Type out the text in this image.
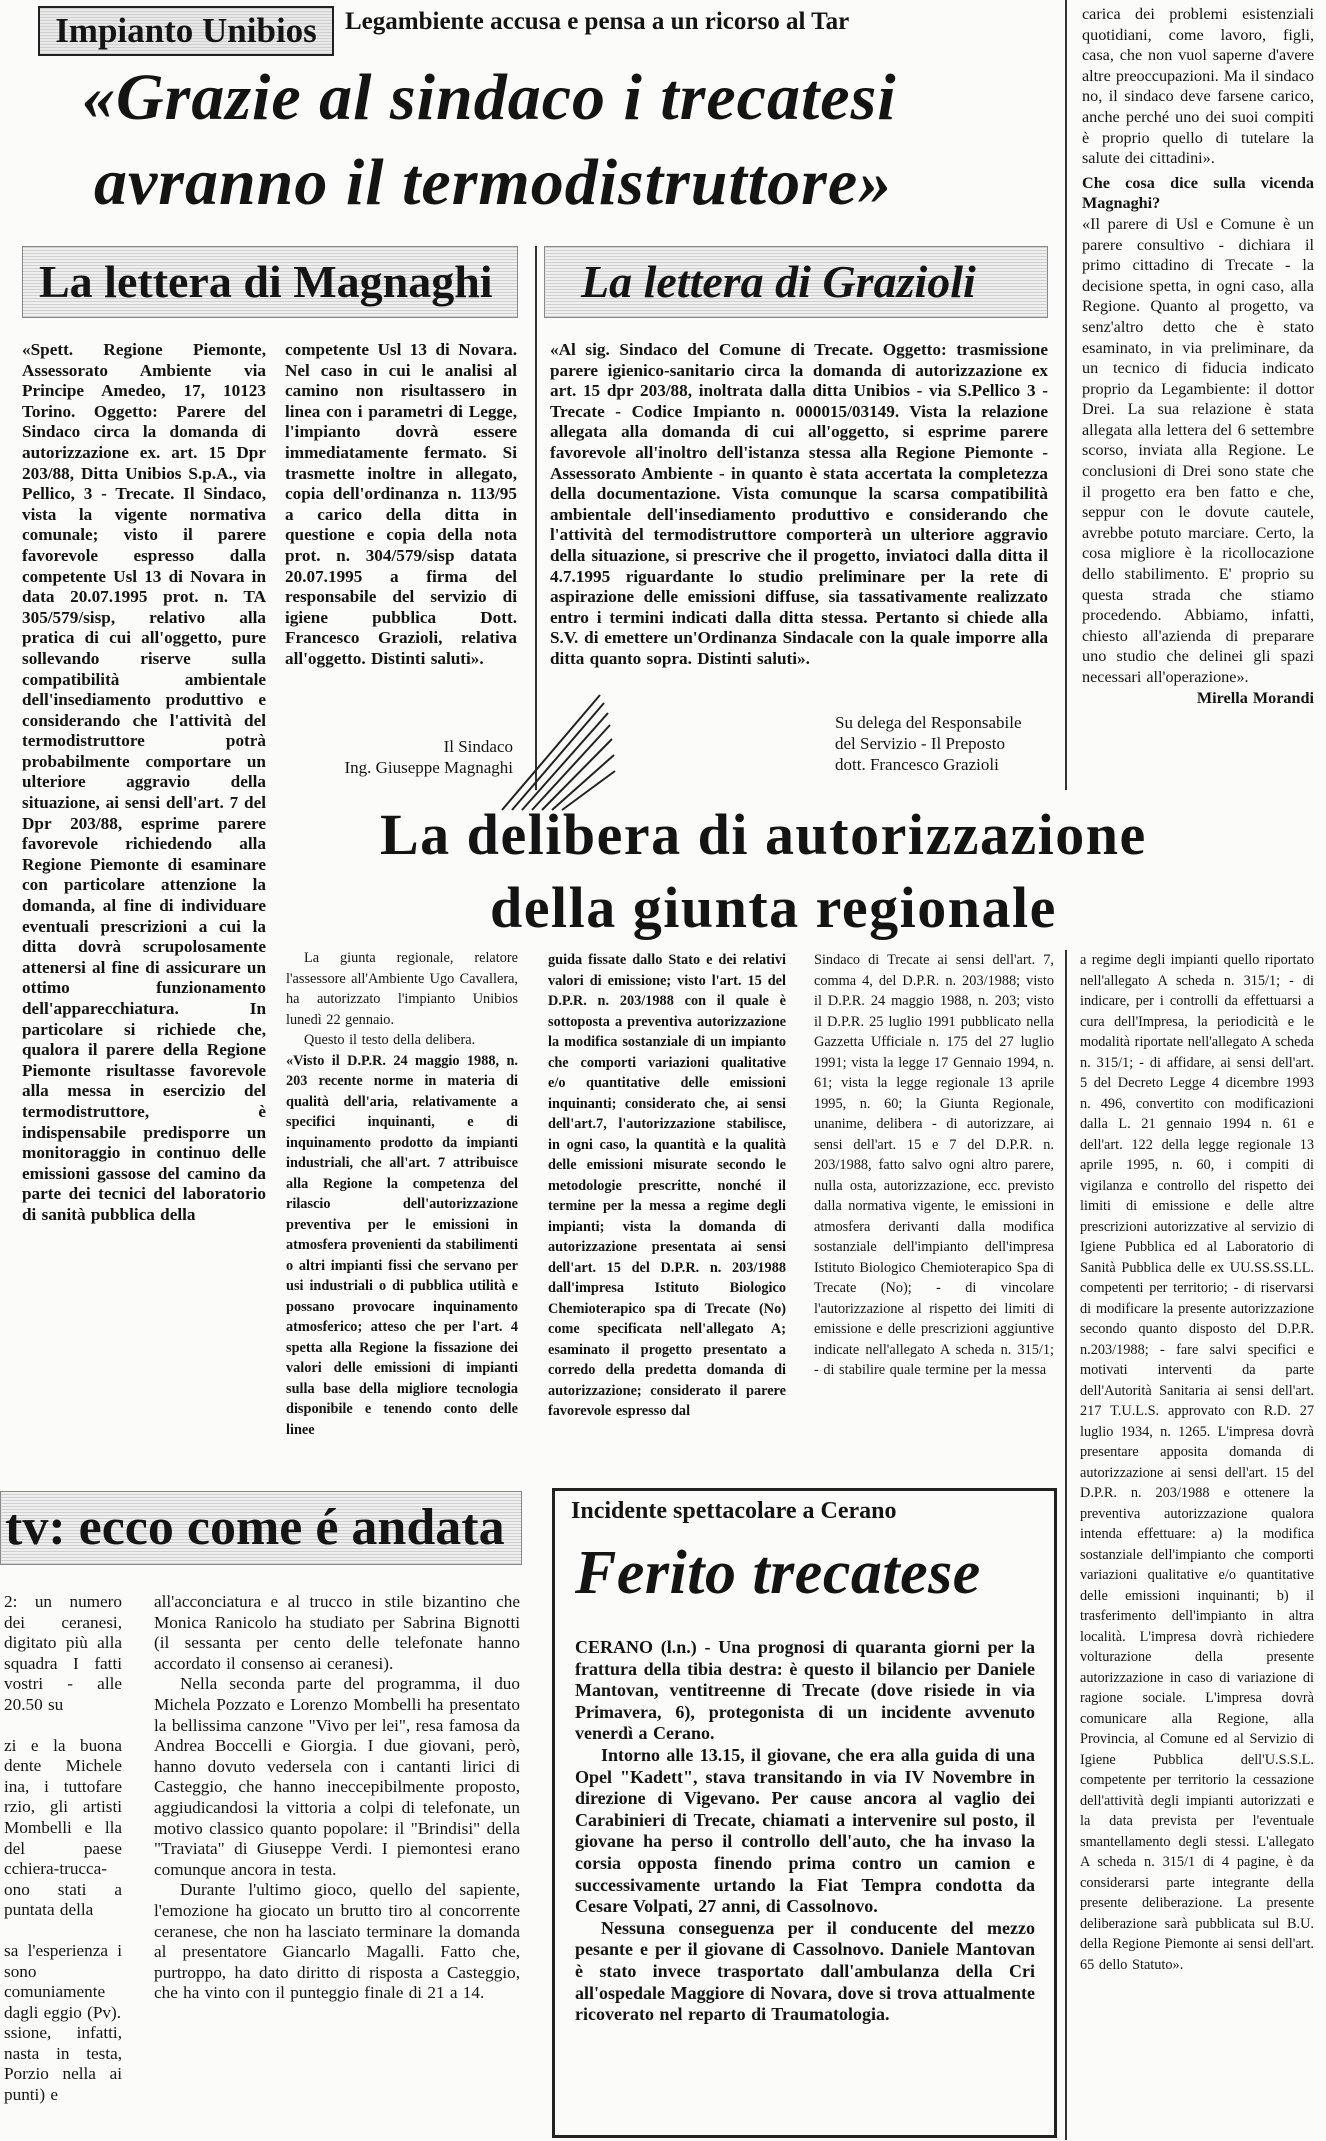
Impianto Unibios	Legambiente accusa e pensa a un ricorso al Tar
«Grazie al sindaco i trecatesi
avranno il termodistruttore»
carica dei problemi esistenziali quotidiani, come lavoro, figli, casa, che non vuol saperne d'avere altre preoccupazioni. Ma il sindaco no, il sindaco deve farsene carico, anche perché uno dei suoi compiti è proprio quello di tutelare la salute dei cittadini».
Che cosa dice sulla vicenda Magnaghi?
«Il parere di Usl e Comune è un parere consultivo - dichiara il primo cittadino di Trecate - la decisione spetta, in ogni caso, alla Regione. Quanto al progetto, va senz'altro detto che è stato esaminato, in via preliminare, da un tecnico di fiducia indicato proprio da Legambiente: il dottor Drei. La sua relazione è stata allegata alla lettera del 6 settembre scorso, inviata alla Regione. Le conclusioni di Drei sono state che il progetto era ben fatto e che, seppur con le dovute cautele, avrebbe potuto marciare. Certo, la cosa migliore è la ricollocazione dello stabilimento. E' proprio su questa strada che stiamo procedendo. Abbiamo, infatti, chiesto all'azienda di preparare uno studio che delinei gli spazi necessari all'operazione».
Mirella Morandi
La lettera di Magnaghi
«Spett. Regione Piemonte, Assessorato Ambiente via Principe Amedeo, 17, 10123 Torino. Oggetto: Parere del Sindaco circa la domanda di autorizzazione ex. art. 15 Dpr 203/88, Ditta Unibios S.p.A., via Pellico, 3 - Trecate. Il Sindaco, vista la vigente normativa comunale; visto il parere favorevole espresso dalla competente Usl 13 di Novara in data 20.07.1995 prot. n. TA 305/579/sisp, relativo alla pratica di cui all'oggetto, pure sollevando riserve sulla compatibilità ambientale dell'insediamento produttivo e considerando che l'attività del termodistruttore potrà probabilmente comportare un ulteriore aggravio della situazione, ai sensi dell'art. 7 del Dpr 203/88, esprime parere favorevole richiedendo alla Regione Piemonte di esaminare con particolare attenzione la domanda, al fine di individuare eventuali prescrizioni a cui la ditta dovrà scrupolosamente attenersi al fine di assicurare un ottimo funzionamento dell'apparecchiatura. In particolare si richiede che, qualora il parere della Regione Piemonte risultasse favorevole alla messa in esercizio del termodistruttore, è indispensabile predisporre un monitoraggio in continuo delle emissioni gassose del camino da parte dei tecnici del laboratorio di sanità pubblica della
competente Usl 13 di Novara. Nel caso in cui le analisi al camino non risultassero in linea con i parametri di Legge, l'impianto dovrà essere immediatamente fermato. Si trasmette inoltre in allegato, copia dell'ordinanza n. 113/95 a carico della ditta in questione e copia della nota prot. n. 304/579/sisp datata 20.07.1995 a firma del responsabile del servizio di igiene pubblica Dott. Francesco Grazioli, relativa all'oggetto. Distinti saluti».
Il Sindaco
Ing. Giuseppe Magnaghi
La lettera di Grazioli
«Al sig. Sindaco del Comune di Trecate. Oggetto: trasmissione parere igienico-sanitario circa la domanda di autorizzazione ex art. 15 dpr 203/88, inoltrata dalla ditta Unibios - via S.Pellico 3 - Trecate - Codice Impianto n. 000015/03149. Vista la relazione allegata alla domanda di cui all'oggetto, si esprime parere favorevole all'inoltro dell'istanza stessa alla Regione Piemonte - Assessorato Ambiente - in quanto è stata accertata la completezza della documentazione. Vista comunque la scarsa compatibilità ambientale dell'insediamento produttivo e considerando che l'attività del termodistruttore comporterà un ulteriore aggravio della situazione, si prescrive che il progetto, inviatoci dalla ditta il 4.7.1995 riguardante lo studio preliminare per la rete di aspirazione delle emissioni diffuse, sia tassativamente realizzato entro i termini indicati dalla ditta stessa. Pertanto si chiede alla S.V. di emettere un'Ordinanza Sindacale con la quale imporre alla ditta quanto sopra. Distinti saluti».
Su delega del Responsabile
del Servizio - Il Preposto
dott. Francesco Grazioli
La delibera di autorizzazione
della giunta regionale
La giunta regionale, relatore l'assessore all'Ambiente Ugo Cavallera, ha autorizzato l'impianto Unibios lunedì 22 gennaio.
Questo il testo della delibera.
«Visto il D.P.R. 24 maggio 1988, n. 203 recente norme in materia di qualità dell'aria, relativamente a specifici inquinanti, e di inquinamento prodotto da impianti industriali, che all'art. 7 attribuisce alla Regione la competenza del rilascio dell'autorizzazione preventiva per le emissioni in atmosfera provenienti da stabilimenti o altri impianti fissi che servano per usi industriali o di pubblica utilità e possano provocare inquinamento atmosferico; atteso che per l'art. 4 spetta alla Regione la fissazione dei valori delle emissioni di impianti sulla base della migliore tecnologia disponibile e tenendo conto delle linee
guida fissate dallo Stato e dei relativi valori di emissione; visto l'art. 15 del D.P.R. n. 203/1988 con il quale è sottoposta a preventiva autorizzazione la modifica sostanziale di un impianto che comporti variazioni qualitative e/o quantitative delle emissioni inquinanti; considerato che, ai sensi dell'art.7, l'autorizzazione stabilisce, in ogni caso, la quantità e la qualità delle emissioni misurate secondo le metodologie prescritte, nonché il termine per la messa a regime degli impianti; vista la domanda di autorizzazione presentata ai sensi dell'art. 15 del D.P.R. n. 203/1988 dall'impresa Istituto Biologico Chemioterapico spa di Trecate (No) come specificata nell'allegato A; esaminato il progetto presentato a corredo della predetta domanda di autorizzazione; considerato il parere favorevole espresso dal
Sindaco di Trecate ai sensi dell'art. 7, comma 4, del D.P.R. n. 203/1988; visto il D.P.R. 24 maggio 1988, n. 203; visto il D.P.R. 25 luglio 1991 pubblicato nella Gazzetta Ufficiale n. 175 del 27 luglio 1991; vista la legge 17 Gennaio 1994, n. 61; vista la legge regionale 13 aprile 1995, n. 60; la Giunta Regionale, unanime, delibera - di autorizzare, ai sensi dell'art. 15 e 7 del D.P.R. n. 203/1988, fatto salvo ogni altro parere, nulla osta, autorizzazione, ecc. previsto dalla normativa vigente, le emissioni in atmosfera derivanti dalla modifica sostanziale dell'impianto dell'impresa Istituto Biologico Chemioterapico Spa di Trecate (No); - di vincolare l'autorizzazione al rispetto dei limiti di emissione e delle prescrizioni aggiuntive indicate nell'allegato A scheda n. 315/1; - di stabilire quale termine per la messa
a regime degli impianti quello riportato nell'allegato A scheda n. 315/1; - di indicare, per i controlli da effettuarsi a cura dell'Impresa, la periodicità e le modalità riportate nell'allegato A scheda n. 315/1; - di affidare, ai sensi dell'art. 5 del Decreto Legge 4 dicembre 1993 n. 496, convertito con modificazioni dalla L. 21 gennaio 1994 n. 61 e dell'art. 122 della legge regionale 13 aprile 1995, n. 60, i compiti di vigilanza e controllo del rispetto dei limiti di emissione e delle altre prescrizioni autorizzative al servizio di Igiene Pubblica ed al Laboratorio di Sanità Pubblica delle ex UU.SS.SS.LL. competenti per territorio; - di riservarsi di modificare la presente autorizzazione secondo quanto disposto del D.P.R. n.203/1988; - fare salvi specifici e motivati interventi da parte dell'Autorità Sanitaria ai sensi dell'art. 217 T.U.L.S. approvato con R.D. 27 luglio 1934, n. 1265. L'impresa dovrà presentare apposita domanda di autorizzazione ai sensi dell'art. 15 del D.P.R. n. 203/1988 e ottenere la preventiva autorizzazione qualora intenda effettuare: a) la modifica sostanziale dell'impianto che comporti variazioni qualitative e/o quantitative delle emissioni inquinanti; b) il trasferimento dell'impianto in altra località. L'impresa dovrà richiedere volturazione della presente autorizzazione in caso di variazione di ragione sociale. L'impresa dovrà comunicare alla Regione, alla Provincia, al Comune ed al Servizio di Igiene Pubblica dell'U.S.S.L. competente per territorio la cessazione dell'attività degli impianti autorizzati e la data prevista per l'eventuale smantellamento degli stessi. L'allegato A scheda n. 315/1 di 4 pagine, è da considerarsi parte integrante della presente deliberazione. La presente deliberazione sarà pubblicata sul B.U. della Regione Piemonte ai sensi dell'art. 65 dello Statuto».
tv: ecco come é andata
2: un numero dei ceranesi, digitato più alla squadra I fatti vostri - alle 20.50 su
zi e la buona dente Michele ina, i tuttofare rzio, gli artisti Mombelli e lla del paese cchiera-trucca-ono stati a puntata della
sa l'esperienza i sono comuniamente dagli eggio (Pv).
ssione, infatti, nasta in testa, Porzio nella ai punti) e
all'acconciatura e al trucco in stile bizantino che Monica Ranicolo ha studiato per Sabrina Bignotti (il sessanta per cento delle telefonate hanno accordato il consenso ai ceranesi).
Nella seconda parte del programma, il duo Michela Pozzato e Lorenzo Mombelli ha presentato la bellissima canzone "Vivo per lei", resa famosa da Andrea Boccelli e Giorgia. I due giovani, però, hanno dovuto vedersela con i cantanti lirici di Casteggio, che hanno ineccepibilmente proposto, aggiudicandosi la vittoria a colpi di telefonate, un motivo classico quanto popolare: il "Brindisi" della "Traviata" di Giuseppe Verdi. I piemontesi erano comunque ancora in testa.
Durante l'ultimo gioco, quello del sapiente, l'emozione ha giocato un brutto tiro al concorrente ceranese, che non ha lasciato terminare la domanda al presentatore Giancarlo Magalli. Fatto che, purtroppo, ha dato diritto di risposta a Casteggio, che ha vinto con il punteggio finale di 21 a 14.
Incidente spettacolare a Cerano
Ferito trecatese
CERANO (l.n.) - Una prognosi di quaranta giorni per la frattura della tibia destra: è questo il bilancio per Daniele Mantovan, ventitreenne di Trecate (dove risiede in via Primavera, 6), protegonista di un incidente avvenuto venerdì a Cerano.
Intorno alle 13.15, il giovane, che era alla guida di una Opel "Kadett", stava transitando in via IV Novembre in direzione di Vigevano. Per cause ancora al vaglio dei Carabinieri di Trecate, chiamati a intervenire sul posto, il giovane ha perso il controllo dell'auto, che ha invaso la corsia opposta finendo prima contro un camion e successivamente urtando la Fiat Tempra condotta da Cesare Volpati, 27 anni, di Cassolnovo.
Nessuna conseguenza per il conducente del mezzo pesante e per il giovane di Cassolnovo. Daniele Mantovan è stato invece trasportato dall'ambulanza della Cri all'ospedale Maggiore di Novara, dove si trova attualmente ricoverato nel reparto di Traumatologia.
